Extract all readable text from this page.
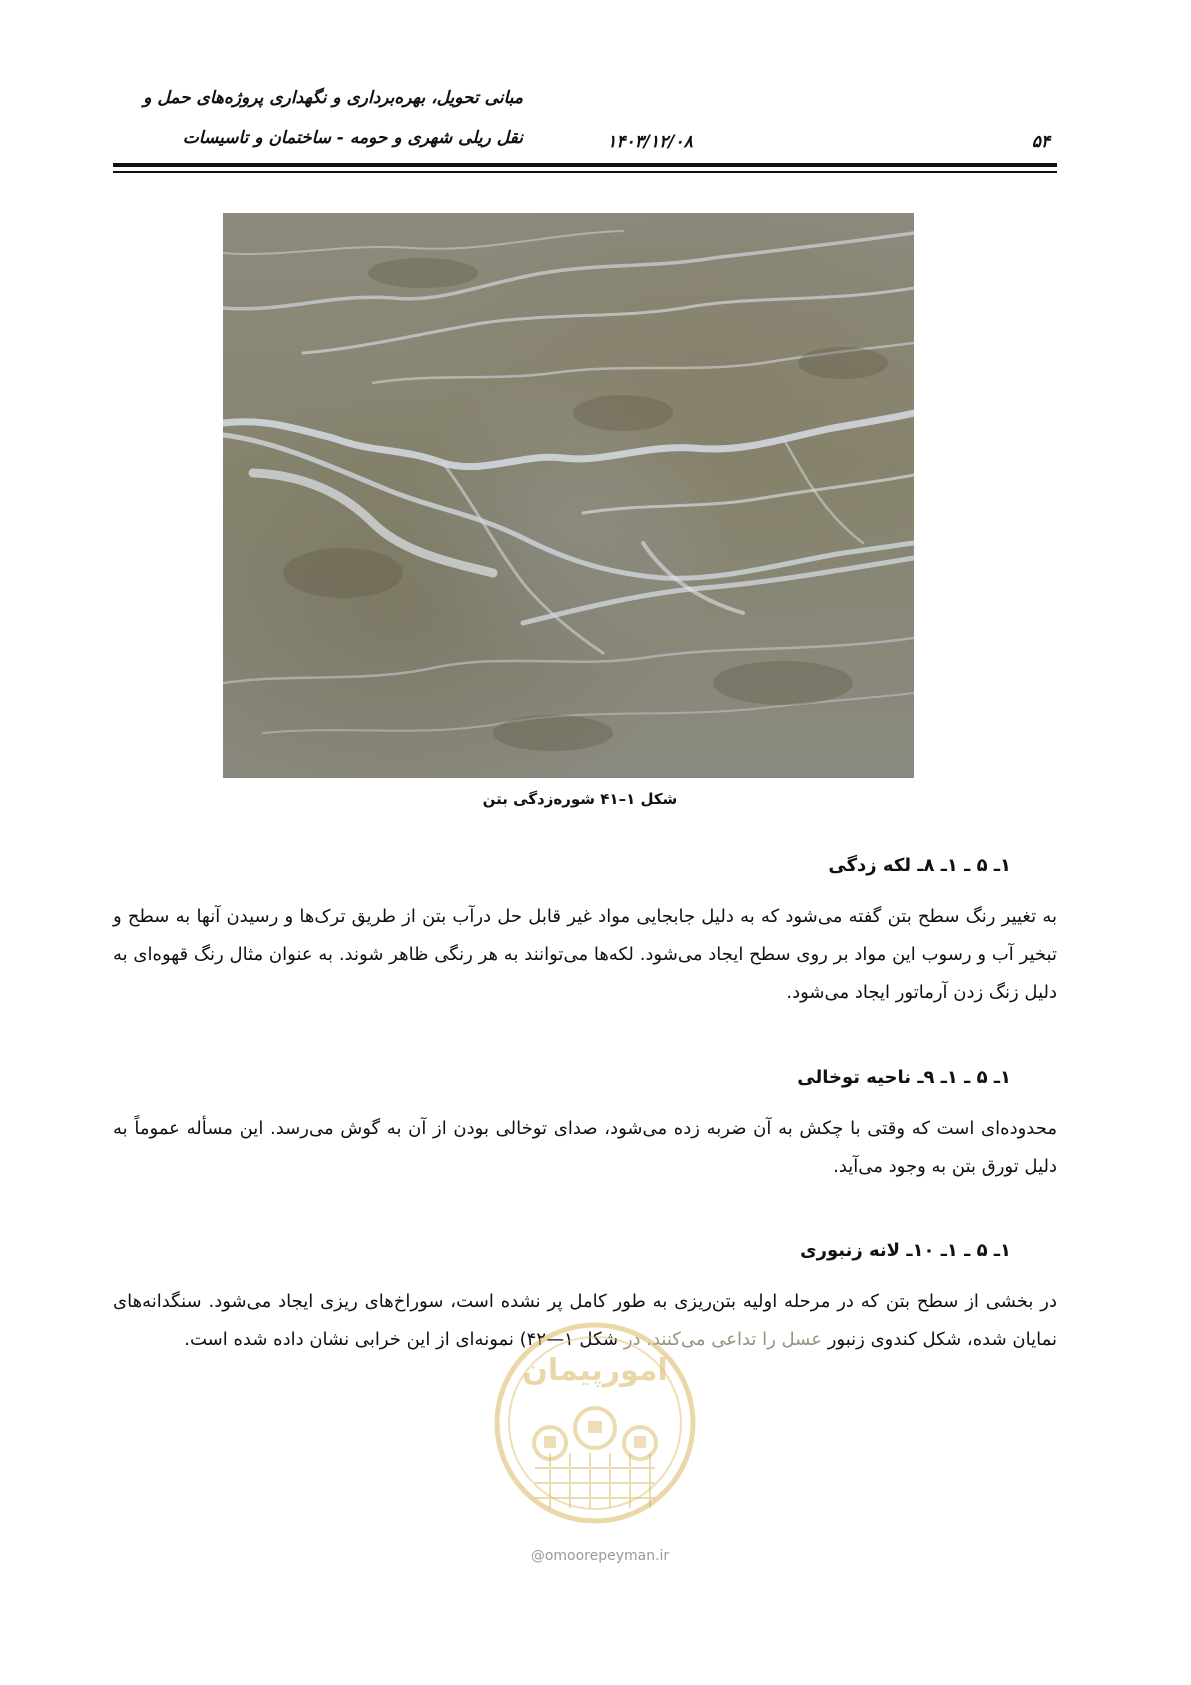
مبانی تحویل، بهره‌برداری و نگهداری پروژه‌های حمل و
نقل ریلی شهری و حومه - ساختمان و تاسیسات	۱۴۰۳/۱۲/۰۸	۵۴
شکل ۱–۴۱ شوره‌زدگی بتن
۱ـ ۵ ـ ۱ـ ۸ـ لکه زدگی
به تغییر رنگ سطح بتن گفته می‌شود که به دلیل جابجایی مواد غیر قابل حل درآب بتن از طریق ترک‌ها و رسیدن آنها به سطح و تبخیر آب و رسوب این مواد بر روی سطح ایجاد می‌شود. لکه‌ها می‌توانند به هر رنگی ظاهر شوند. به عنوان مثال رنگ قهوه‌ای به دلیل زنگ زدن آرماتور ایجاد می‌شود.
۱ـ ۵ ـ ۱ـ ۹ـ ناحیه توخالی
محدوده‌ای است که وقتی با چکش به آن ضربه زده می‌شود، صدای توخالی بودن از آن به گوش می‌رسد. این مسأله عموماً به دلیل تورق بتن به وجود می‌آید.
۱ـ ۵ ـ ۱ـ ۱۰ـ لانه زنبوری
در بخشی از سطح بتن که در مرحله اولیه بتن‌ریزی به طور کامل پر نشده است، سوراخ‌های ریزی ایجاد می‌شود. سنگدانه‌های نمایان شده، شکل کندوی زنبور عسل را تداعی می‌کنند. در شکل ۱—۴۲) نمونه‌ای از این خرابی نشان داده شده است.
امورپیمان
@omoorepeyman.ir
